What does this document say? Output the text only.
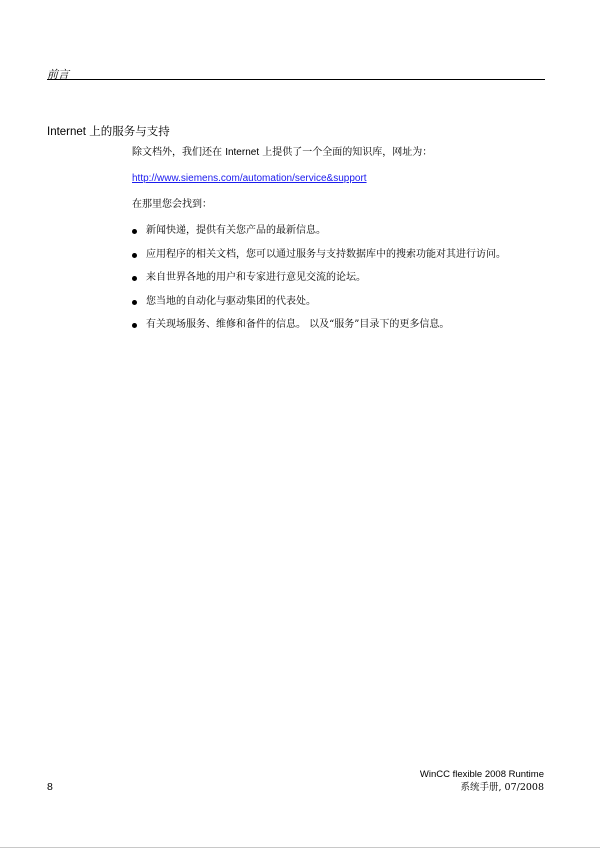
前言
Internet 上的服务与支持

除文档外，我们还在 Internet 上提供了一个全面的知识库，网址为：

http://www.siemens.com/automation/service&support

在那里您会找到：

新闻快递，提供有关您产品的最新信息。
应用程序的相关文档，您可以通过服务与支持数据库中的搜索功能对其进行访问。
来自世界各地的用户和专家进行意见交流的论坛。
您当地的自动化与驱动集团的代表处。
有关现场服务、维修和备件的信息。 以及“服务”目录下的更多信息。
8
WinCC flexible 2008 Runtime
系统手册, 07/2008
